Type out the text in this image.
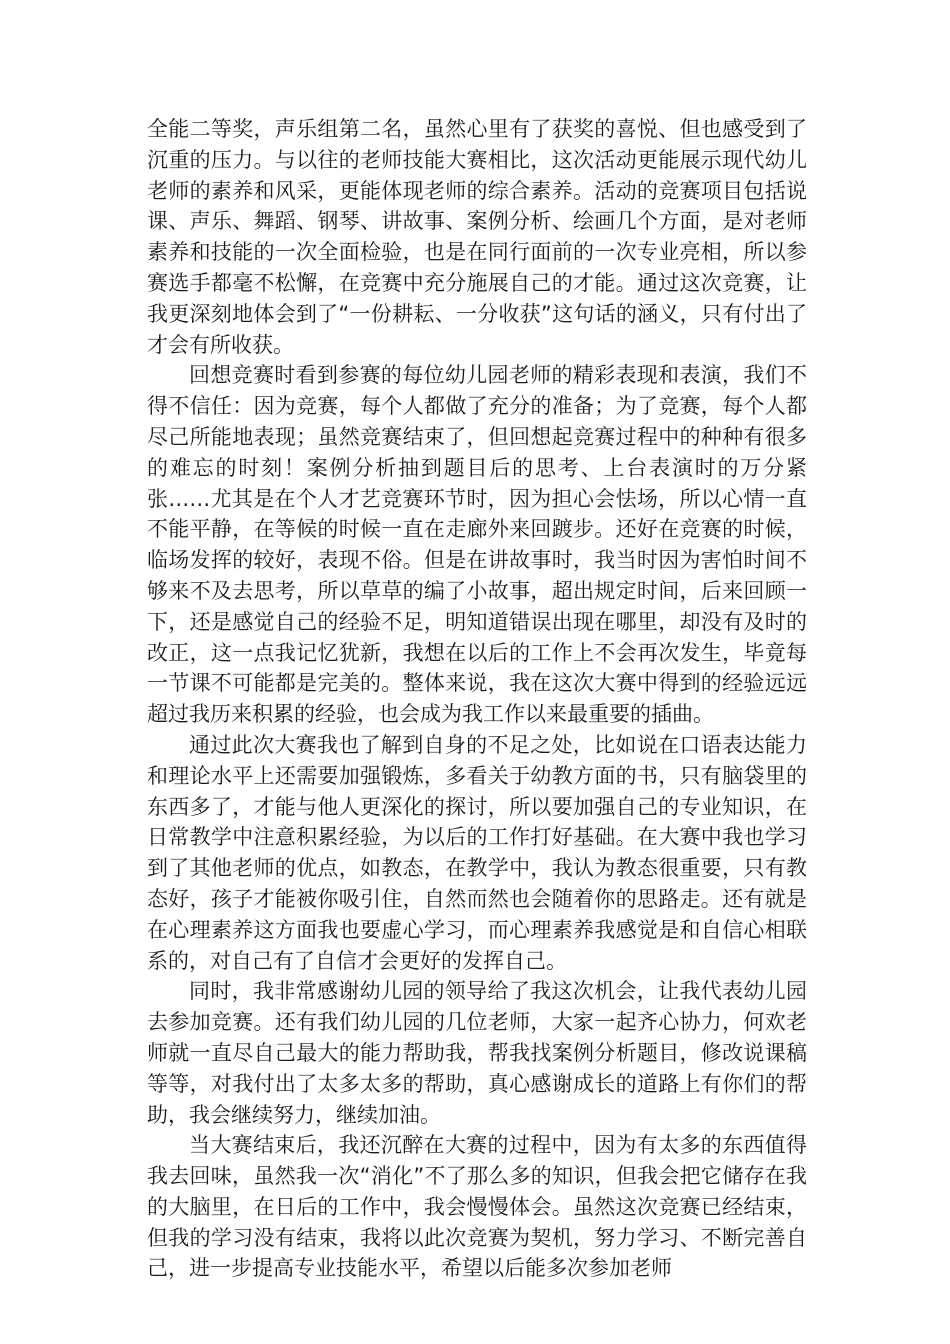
全能二等奖，声乐组第二名，虽然心里有了获奖的喜悦、但也感受到了沉重的压力。与以往的老师技能大赛相比，这次活动更能展示现代幼儿老师的素养和风采，更能体现老师的综合素养。活动的竞赛项目包括说课、声乐、舞蹈、钢琴、讲故事、案例分析、绘画几个方面，是对老师素养和技能的一次全面检验，也是在同行面前的一次专业亮相，所以参赛选手都毫不松懈，在竞赛中充分施展自己的才能。通过这次竞赛，让我更深刻地体会到了“一份耕耘、一分收获”这句话的涵义，只有付出了才会有所收获。

回想竞赛时看到参赛的每位幼儿园老师的精彩表现和表演，我们不得不信任：因为竞赛，每个人都做了充分的准备；为了竞赛，每个人都尽己所能地表现；虽然竞赛结束了，但回想起竞赛过程中的种种有很多的难忘的时刻！案例分析抽到题目后的思考、上台表演时的万分紧张……尤其是在个人才艺竞赛环节时，因为担心会怯场，所以心情一直不能平静，在等候的时候一直在走廊外来回踱步。还好在竞赛的时候，临场发挥的较好，表现不俗。但是在讲故事时，我当时因为害怕时间不够来不及去思考，所以草草的编了小故事，超出规定时间，后来回顾一下，还是感觉自己的经验不足，明知道错误出现在哪里，却没有及时的改正，这一点我记忆犹新，我想在以后的工作上不会再次发生，毕竟每一节课不可能都是完美的。整体来说，我在这次大赛中得到的经验远远超过我历来积累的经验，也会成为我工作以来最重要的插曲。

通过此次大赛我也了解到自身的不足之处，比如说在口语表达能力和理论水平上还需要加强锻炼，多看关于幼教方面的书，只有脑袋里的东西多了，才能与他人更深化的探讨，所以要加强自己的专业知识，在日常教学中注意积累经验，为以后的工作打好基础。在大赛中我也学习到了其他老师的优点，如教态，在教学中，我认为教态很重要，只有教态好，孩子才能被你吸引住，自然而然也会随着你的思路走。还有就是在心理素养这方面我也要虚心学习，而心理素养我感觉是和自信心相联系的，对自己有了自信才会更好的发挥自己。

同时，我非常感谢幼儿园的领导给了我这次机会，让我代表幼儿园去参加竞赛。还有我们幼儿园的几位老师，大家一起齐心协力，何欢老师就一直尽自己最大的能力帮助我，帮我找案例分析题目，修改说课稿等等，对我付出了太多太多的帮助，真心感谢成长的道路上有你们的帮助，我会继续努力，继续加油。

当大赛结束后，我还沉醉在大赛的过程中，因为有太多的东西值得我去回味，虽然我一次“消化”不了那么多的知识，但我会把它储存在我的大脑里，在日后的工作中，我会慢慢体会。虽然这次竞赛已经结束，但我的学习没有结束，我将以此次竞赛为契机，努力学习、不断完善自己，进一步提高专业技能水平，希望以后能多次参加老师
